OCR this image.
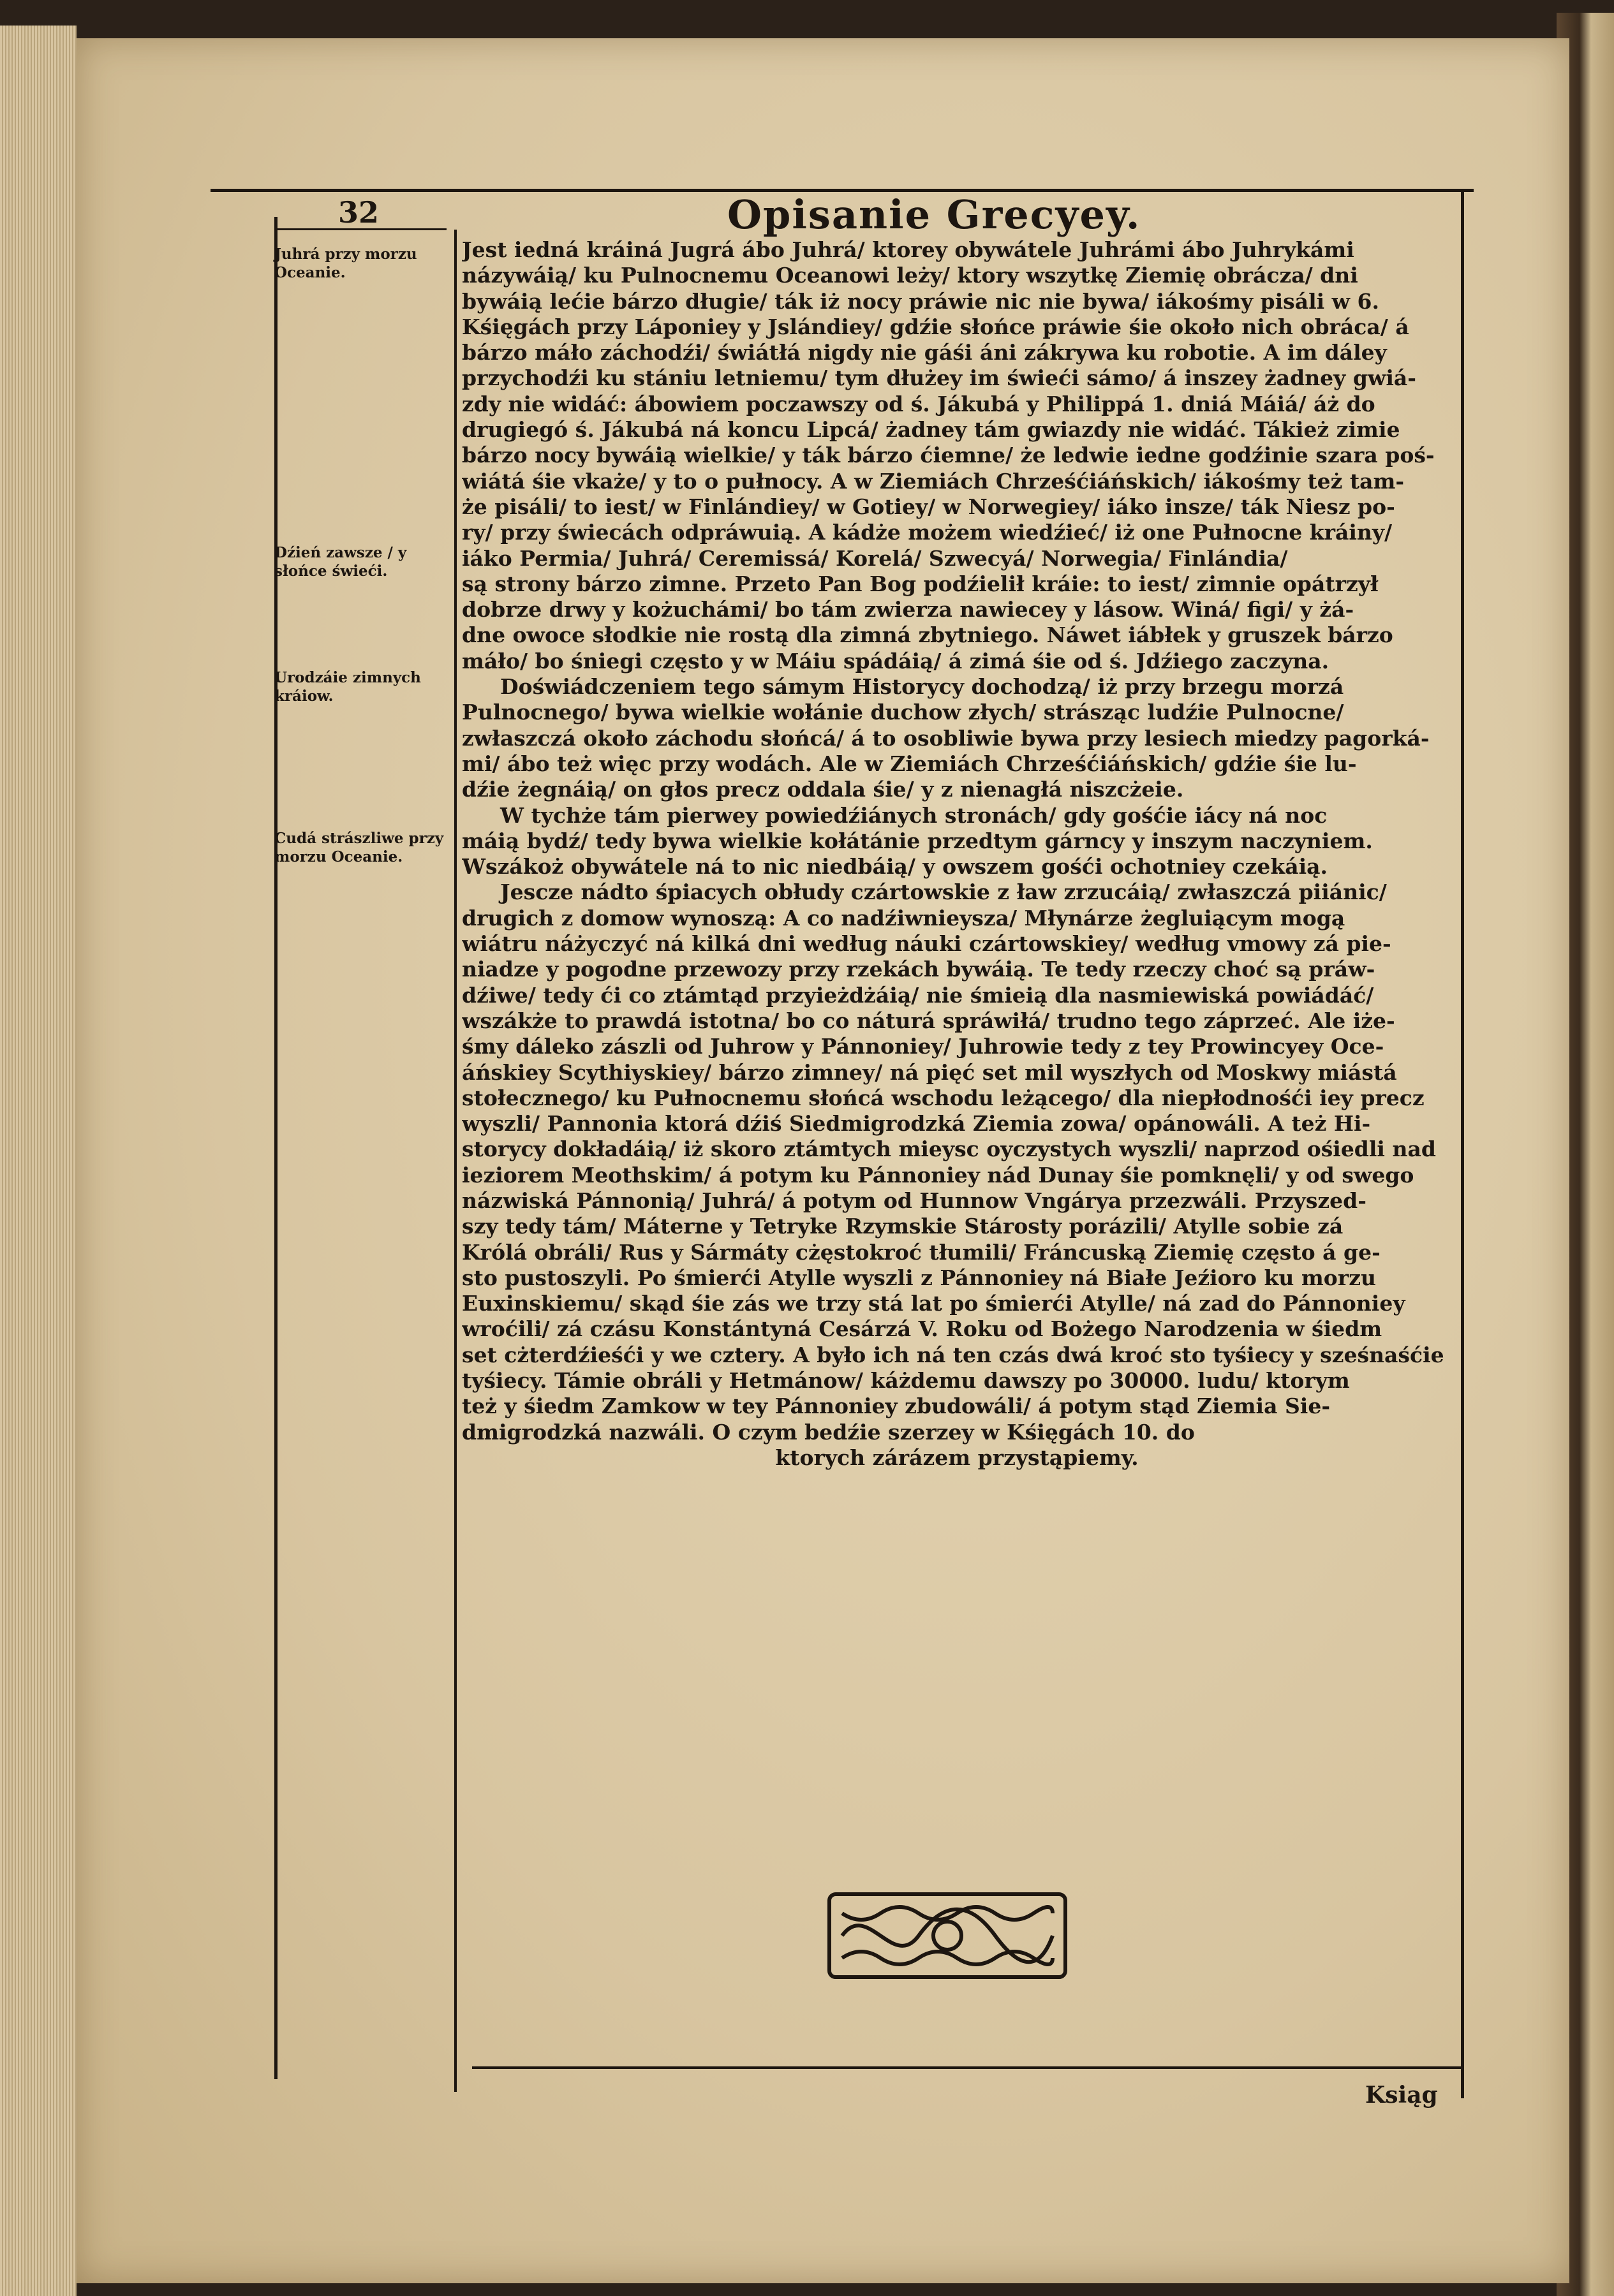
32	Opisanie Grecyey.
Juhrá przy morzu Oceanie.
Dźień zawsze / y słońce świeći.
Urodzáie zimnych kráiow.
Cudá strászliwe przy morzu Oceanie.
Jest iedná kráiná Jugrá ábo Juhrá/ ktorey obywátele Juhrámi ábo Juhrykámi
názywáią/ ku Pulnocnemu Oceanowi leży/ ktory wszytkę Ziemię obrácza/ dni
bywáią lećie bárzo długie/ ták iż nocy práwie nic nie bywa/ iákośmy pisáli w 6.
Kśięgách przy Láponiey y Jslándiey/ gdźie słońce práwie śie około nich obráca/ á
bárzo máło záchodźi/ świátłá nigdy nie gáśi áni zákrywa ku robotie. A im dáley
przychodźi ku stániu letniemu/ tym dłużey im świeći sámo/ á inszey żadney gwiá-
zdy nie widáć: ábowiem poczawszy od ś. Jákubá y Philippá 1. dniá Máiá/ áż do
drugiegó ś. Jákubá ná koncu Lipcá/ żadney tám gwiazdy nie widáć. Tákież zimie
bárzo nocy bywáią wielkie/ y ták bárzo ćiemne/ że ledwie iedne godźinie szara poś-
wiátá śie vkaże/ y to o pułnocy. A w Ziemiách Chrześćiáńskich/ iákośmy też tam-
że pisáli/ to iest/ w Finlándiey/ w Gotiey/ w Norwegiey/ iáko insze/ ták Niesz po-
ry/ przy świecách odpráwuią. A kádże możem wiedźieć/ iż one Pułnocne kráiny/
iáko Permia/ Juhrá/ Ceremissá/ Korelá/ Szwecyá/ Norwegia/ Finlándia/
są strony bárzo zimne. Przeto Pan Bog podźielił kráie: to iest/ zimnie opátrzył
dobrze drwy y kożuchámi/ bo tám zwierza nawiecey y lásow. Winá/ figi/ y żá-
dne owoce słodkie nie rostą dla zimná zbytniego. Náwet iábłek y gruszek bárzo
máło/ bo śniegi często y w Máiu spádáią/ á zimá śie od ś. Jdźiego zaczyna.
Doświádczeniem tego sámym Historycy dochodzą/ iż przy brzegu morzá
Pulnocnego/ bywa wielkie wołánie duchow złych/ strásząc ludźie Pulnocne/
zwłaszczá około záchodu słońcá/ á to osobliwie bywa przy lesiech miedzy pagorká-
mi/ ábo też więc przy wodách. Ale w Ziemiách Chrześćiáńskich/ gdźie śie lu-
dźie żegnáią/ on głos precz oddala śie/ y z nienagłá niszcżeie.
W tychże tám pierwey powiedźiánych stronách/ gdy gośćie iácy ná noc
máią bydź/ tedy bywa wielkie kołátánie przedtym gárncy y inszym naczyniem.
Wszákoż obywátele ná to nic niedbáią/ y owszem gośći ochotniey czekáią.
Jescze nádto śpiacych obłudy czártowskie z ław zrzucáią/ zwłaszczá piiánic/
drugich z domow wynoszą: A co nadźiwnieysza/ Młynárze żegluiącym mogą
wiátru náżyczyć ná kilká dni według náuki czártowskiey/ według vmowy zá pie-
niadze y pogodne przewozy przy rzekách bywáią. Te tedy rzeczy choć są práw-
dźiwe/ tedy ći co ztámtąd przyieżdżáią/ nie śmieią dla nasmiewiská powiádáć/
wszákże to prawdá istotna/ bo co náturá spráwiłá/ trudno tego záprzeć. Ale iże-
śmy dáleko zászli od Juhrow y Pánnoniey/ Juhrowie tedy z tey Prowincyey Oce-
áńskiey Scythiyskiey/ bárzo zimney/ ná pięć set mil wyszłych od Moskwy miástá
stołecznego/ ku Pułnocnemu słońcá wschodu leżącego/ dla niepłodnośći iey precz
wyszli/ Pannonia ktorá dźiś Siedmigrodzká Ziemia zowa/ opánowáli. A też Hi-
storycy dokładáią/ iż skoro ztámtych mieysc oyczystych wyszli/ naprzod ośiedli nad
ieziorem Meothskim/ á potym ku Pánnoniey nád Dunay śie pomknęli/ y od swego
názwiská Pánnonią/ Juhrá/ á potym od Hunnow Vngárya przezwáli. Przyszed-
szy tedy tám/ Máterne y Tetryke Rzymskie Stárosty porázili/ Atylle sobie zá
Królá obráli/ Rus y Sármáty cżęstokroć tłumili/ Fráncuską Ziemię często á ge-
sto pustoszyli. Po śmierći Atylle wyszli z Pánnoniey ná Białe Jeźioro ku morzu
Euxinskiemu/ skąd śie zás we trzy stá lat po śmierći Atylle/ ná zad do Pánnoniey
wroćili/ zá czásu Konstántyná Cesárzá V. Roku od Bożego Narodzenia w śiedm
set cżterdźieśći y we cztery. A było ich ná ten czás dwá kroć sto tyśiecy y sześnaśćie
tyśiecy. Támie obráli y Hetmánow/ káżdemu dawszy po 30000. ludu/ ktorym
też y śiedm Zamkow w tey Pánnoniey zbudowáli/ á potym stąd Ziemia Sie-
dmigrodzká nazwáli. O czym bedźie szerzey w Kśięgách 10. do
ktorych zárázem przystąpiemy.
Ksiąg
